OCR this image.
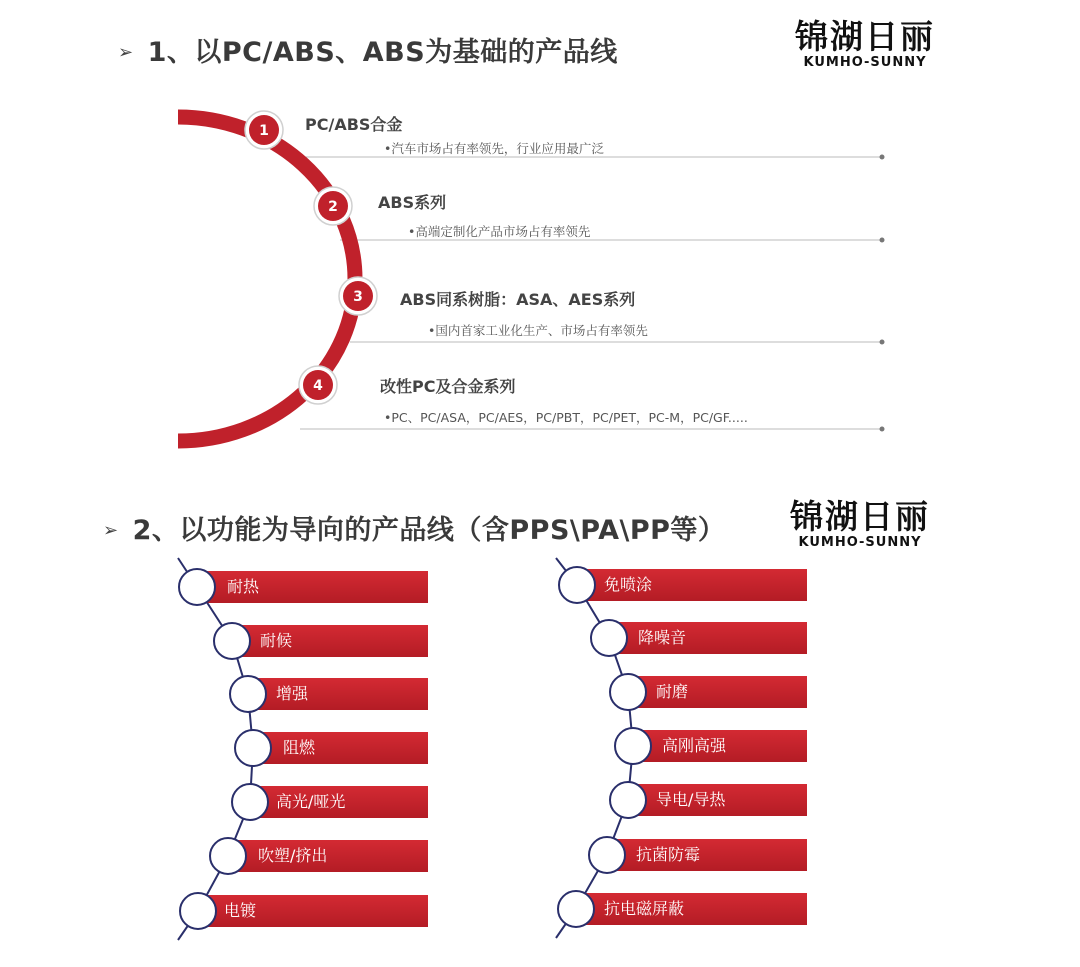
➢ 1、以PC/ABS、ABS为基础的产品线	锦湖日丽
KUMHO-SUNNY
1
2
3
4
PC/ABS合金
•汽车市场占有率领先，行业应用最广泛
ABS系列
•高端定制化产品市场占有率领先
ABS同系树脂：ASA、AES系列
•国内首家工业化生产、市场占有率领先
改性PC及合金系列
•PC、PC/ASA，PC/AES，PC/PBT，PC/PET，PC-M，PC/GF.....
➢ 2、以功能为导向的产品线（含PPS\PA\PP等） 锦湖日丽
KUMHO-SUNNY
耐热
耐候
增强
阻燃
高光/哑光
吹塑/挤出
电镀
免喷涂
降噪音
耐磨
高刚高强
导电/导热
抗菌防霉
抗电磁屏蔽
